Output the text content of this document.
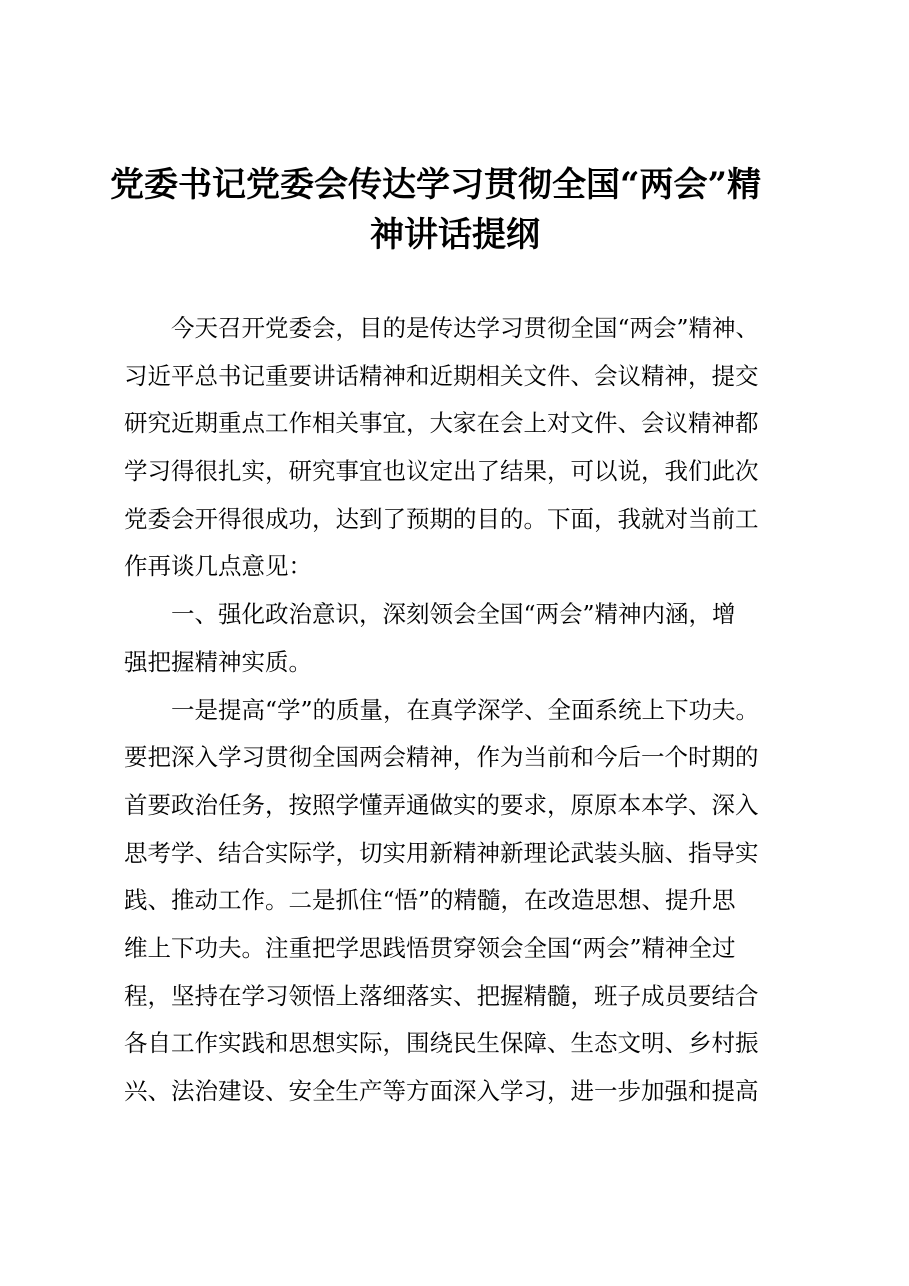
党委书记党委会传达学习贯彻全国“两会”精
神讲话提纲
今天召开党委会，目的是传达学习贯彻全国“两会”精神、
习近平总书记重要讲话精神和近期相关文件、会议精神，提交
研究近期重点工作相关事宜，大家在会上对文件、会议精神都
学习得很扎实，研究事宜也议定出了结果，可以说，我们此次
党委会开得很成功，达到了预期的目的。下面，我就对当前工
作再谈几点意见：
一、强化政治意识，深刻领会全国“两会”精神内涵，增
强把握精神实质。
一是提高“学”的质量，在真学深学、全面系统上下功夫。
要把深入学习贯彻全国两会精神，作为当前和今后一个时期的
首要政治任务，按照学懂弄通做实的要求，原原本本学、深入
思考学、结合实际学，切实用新精神新理论武装头脑、指导实
践、推动工作。二是抓住“悟”的精髓，在改造思想、提升思
维上下功夫。注重把学思践悟贯穿领会全国“两会”精神全过
程，坚持在学习领悟上落细落实、把握精髓，班子成员要结合
各自工作实践和思想实际，围绕民生保障、生态文明、乡村振
兴、法治建设、安全生产等方面深入学习，进一步加强和提高
